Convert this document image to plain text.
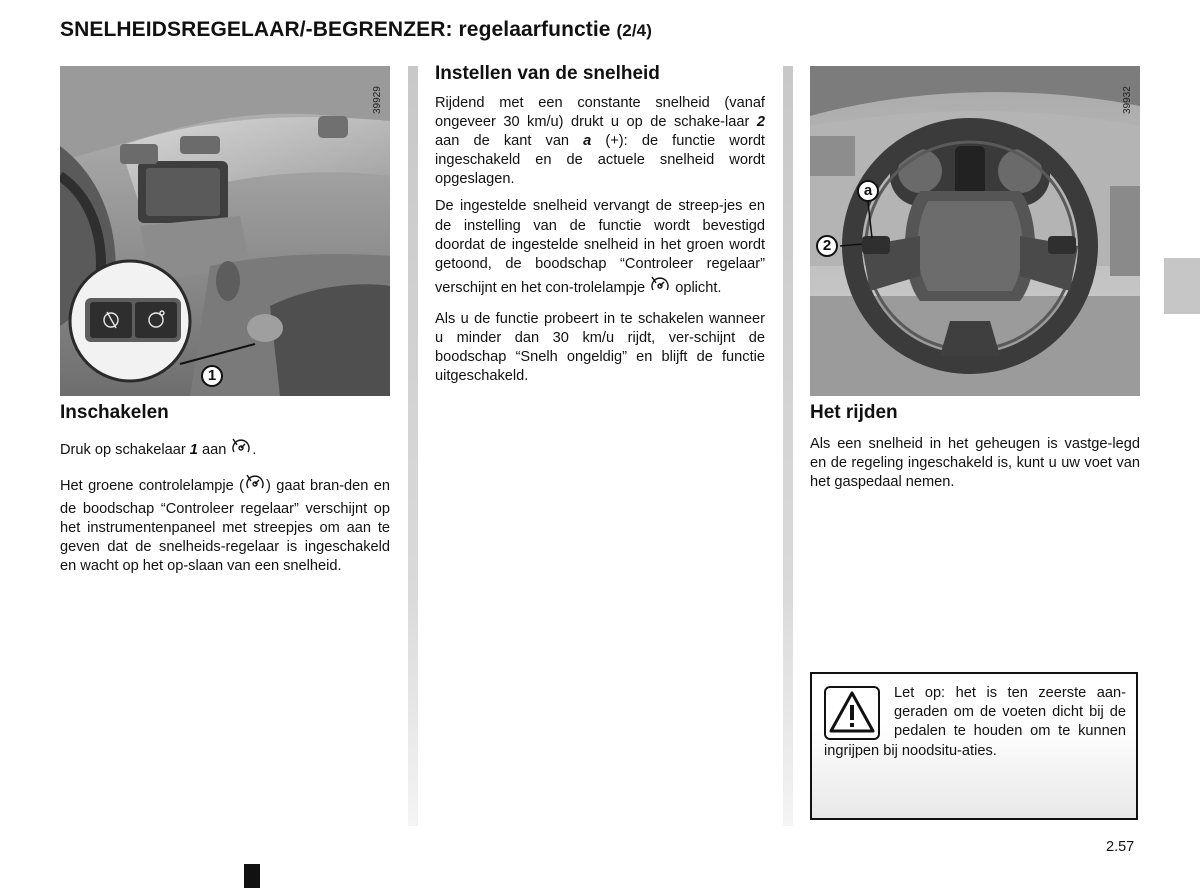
SNELHEIDSREGELAAR/-BEGRENZER: regelaarfunctie (2/4)
1
39929
Inschakelen

Druk op schakelaar 1 aan .

Het groene controlelampje ( ) gaat bran-den en de boodschap “Controleer regelaar” verschijnt op het instrumentenpaneel met streepjes om aan te geven dat de snelheids-regelaar is ingeschakeld en wacht op het op-slaan van een snelheid.

Instellen van de snelheid

Rijdend met een constante snelheid (vanaf ongeveer 30 km/u) drukt u op de schake-laar 2 aan de kant van a (+): de functie wordt ingeschakeld en de actuele snelheid wordt opgeslagen.

De ingestelde snelheid vervangt de streep-jes en de instelling van de functie wordt bevestigd doordat de ingestelde snelheid in het groen wordt getoond, de boodschap “Controleer regelaar” verschijnt en het con-trolelampje  oplicht.

Als u de functie probeert in te schakelen wanneer u minder dan 30 km/u rijdt, ver-schijnt de boodschap “Snelh ongeldig” en blijft de functie uitgeschakeld.

a
2
39932
Het rijden

Als een snelheid in het geheugen is vastge-legd en de regeling ingeschakeld is, kunt u uw voet van het gaspedaal nemen.

Let op: het is ten zeerste aan-geraden om de voeten dicht bij de pedalen te houden om te kunnen ingrijpen bij noodsitu-aties.
2.57
